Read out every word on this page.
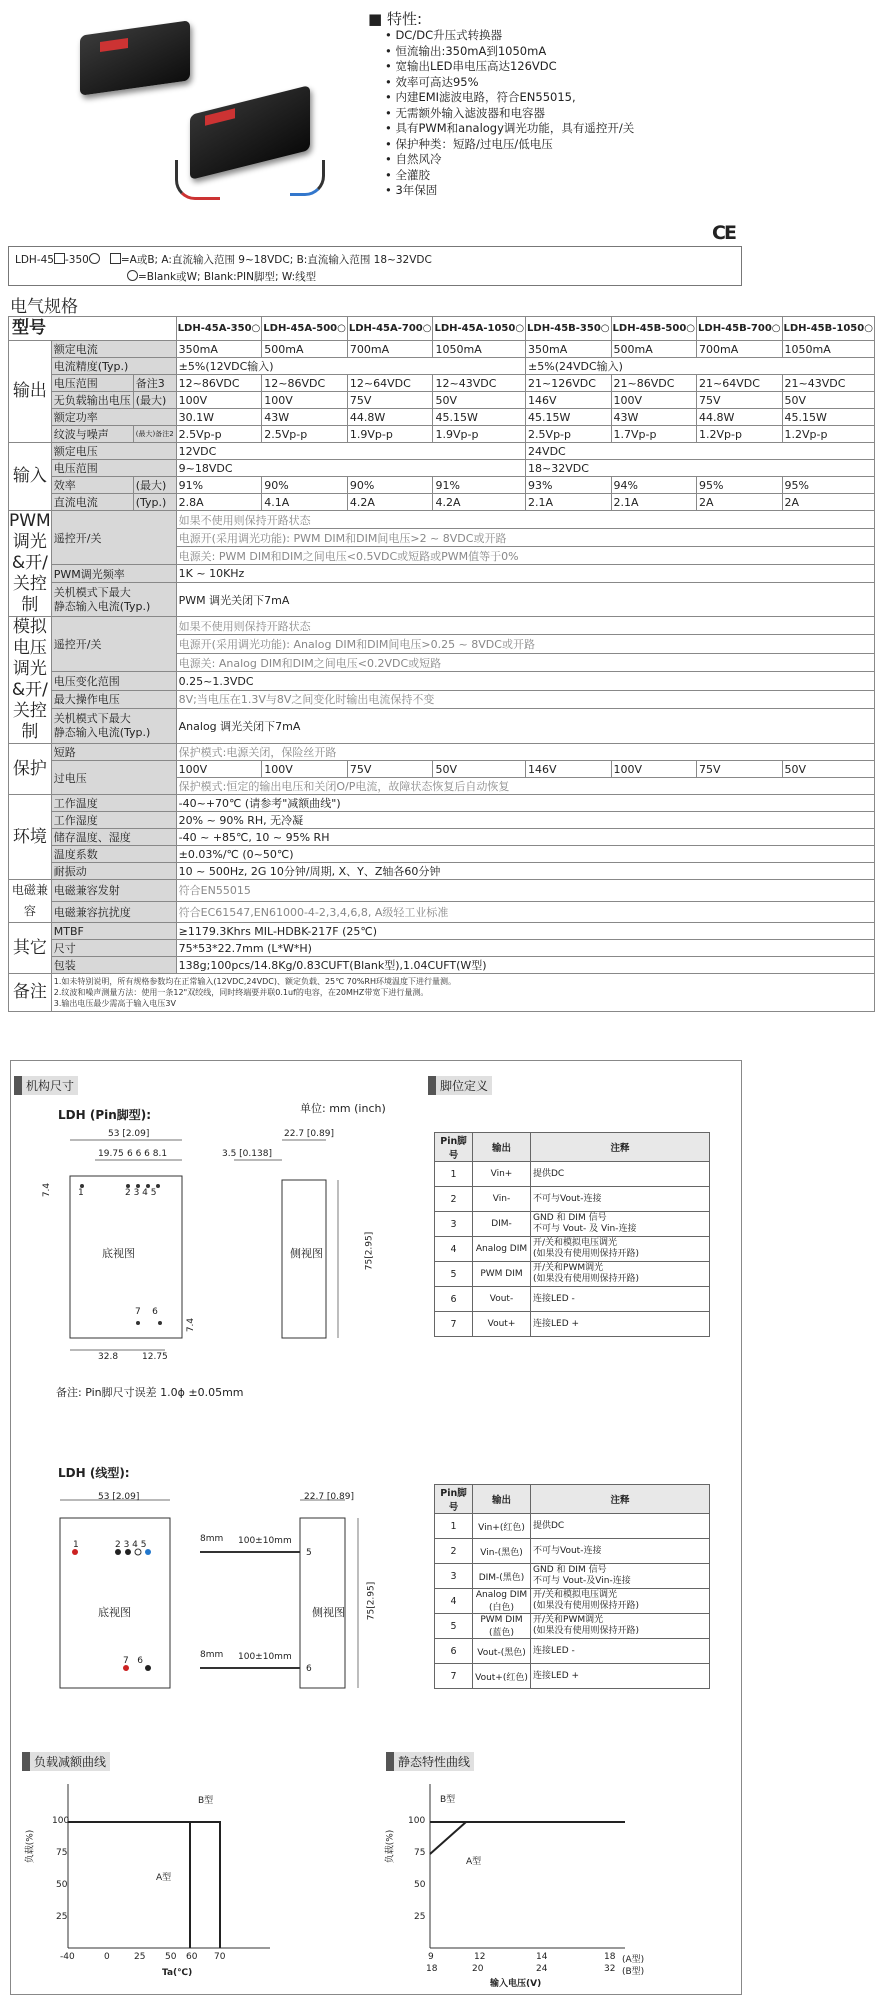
■ 特性:
• DC/DC升压式转换器
• 恒流输出:350mA到1050mA
• 宽输出LED串电压高达126VDC
• 效率可高达95%
• 内建EMI滤波电路，符合EN55015,
• 无需额外输入滤波器和电容器
• 具有PWM和analogy调光功能，具有遥控开/关
• 保护种类：短路/过电压/低电压
• 自然风冷
• 全灌胶
• 3年保固
CE
LDH-45 -350	=A或B; A:直流输入范围 9~18VDC; B:直流输入范围 18~32VDC
=Blank或W; Blank:PIN脚型; W:线型
电气规格
型号			LDH-45A-350○	LDH-45A-500○	LDH-45A-700○	LDH-45A-1050○	LDH-45B-350○	LDH-45B-500○	LDH-45B-700○	LDH-45B-1050○
输出	额定电流		350mA	500mA	700mA	1050mA	350mA	500mA	700mA	1050mA
	电流精度(Typ.)		±5%(12VDC输入)				±5%(24VDC输入)			
	电压范围	备注3	12~86VDC	12~86VDC	12~64VDC	12~43VDC	21~126VDC	21~86VDC	21~64VDC	21~43VDC
	无负载输出电压	(最大)	100V	100V	75V	50V	146V	100V	75V	50V
	额定功率		30.1W	43W	44.8W	45.15W	45.15W	43W	44.8W	45.15W
	纹波与噪声	(最大)备注2	2.5Vp-p	2.5Vp-p	1.9Vp-p	1.9Vp-p	2.5Vp-p	1.7Vp-p	1.2Vp-p	1.2Vp-p
输入	额定电压		12VDC				24VDC			
	电压范围		9~18VDC				18~32VDC			
	效率	(最大)	91%	90%	90%	91%	93%	94%	95%	95%
	直流电流	(Typ.)	2.8A	4.1A	4.2A	4.2A	2.1A	2.1A	2A	2A
PWM调光&开/关控制	遥控开/关		如果不使用则保持开路状态							
			电源开(采用调光功能): PWM DIM和DIM间电压>2 ~ 8VDC或开路							
			电源关: PWM DIM和DIM之间电压<0.5VDC或短路或PWM值等于0%							
	PWM调光频率		1K ~ 10KHz							
	关机模式下最大
静态输入电流(Typ.)		PWM 调光关闭下7mA							
模拟电压调光&开/关控制	遥控开/关		如果不使用则保持开路状态							
			电源开(采用调光功能): Analog DIM和DIM间电压>0.25 ~ 8VDC或开路							
			电源关: Analog DIM和DIM之间电压<0.2VDC或短路							
	电压变化范围		0.25~1.3VDC							
	最大操作电压		8V;当电压在1.3V与8V之间变化时输出电流保持不变							
	关机模式下最大
静态输入电流(Typ.)		Analog 调光关闭下7mA							
保护	短路		保护模式:电源关闭，保险丝开路							
	过电压		100V	100V	75V	50V	146V	100V	75V	50V
			保护模式:恒定的输出电压和关闭O/P电流，故障状态恢复后自动恢复							
环境	工作温度		-40~+70℃ (请参考"减额曲线")							
	工作湿度		20% ~ 90% RH, 无冷凝							
	储存温度、湿度		-40 ~ +85℃, 10 ~ 95% RH							
	温度系数		±0.03%/℃ (0~50℃)							
	耐振动		10 ~ 500Hz, 2G 10分钟/周期, X、Y、Z轴各60分钟							
电磁兼容	电磁兼容发射		符合EN55015							
	电磁兼容抗扰度		符合EC61547,EN61000-4-2,3,4,6,8, A级轻工业标准							
其它	MTBF		≥1179.3Khrs MIL-HDBK-217F (25℃)							
	尺寸		75*53*22.7mm (L*W*H)							
	包装		138g;100pcs/14.8Kg/0.83CUFT(Blank型),1.04CUFT(W型)							
备注	1.如未特别说明，所有规格参数均在正常输入(12VDC,24VDC)、额定负载、25℃ 70%RH环境温度下进行量测。
2.纹波和噪声测量方法：使用一条12"双绞线，同时终端要并联0.1uf的电容，在20MHZ带宽下进行量测。
3.输出电压最少需高于输入电压3V									
机构尺寸	脚位定义
LDH (Pin脚型):	单位: mm (inch)
53 [2.09]
19.75 6 6 6 8.1
22.7 [0.89]
3.5 [0.138]
7.4
75[2.95]
32.8	12.75
7.4
1	2 3 4 5
7    6
底视图	侧视图
备注: Pin脚尺寸误差 1.0ϕ ±0.05mm
Pin脚号	输出	注释
1	Vin+	提供DC
2	Vin-	不可与Vout-连接
3	DIM-	GND 和 DIM 信号
不可与 Vout- 及 Vin-连接
4	Analog DIM	开/关和模拟电压调光
(如果没有使用则保持开路)
5	PWM DIM	开/关和PWM调光
(如果没有使用则保持开路)
6	Vout-	连接LED -
7	Vout+	连接LED +
LDH (线型):
53 [2.09]	22.7 [0.89]
8mm 100±10mm
8mm 100±10mm
75[2.95]
5
6
1	2 3 4 5
7   6
底视图	侧视图
Pin脚号	输出	注释
1	Vin+(红色)	提供DC
2	Vin-(黑色)	不可与Vout-连接
3	DIM-(黑色)	GND 和 DIM 信号
不可与 Vout-及Vin-连接
4	Analog DIM (白色)	开/关和模拟电压调光
(如果没有使用则保持开路)
5	PWM DIM (蓝色)	开/关和PWM调光
(如果没有使用则保持开路)
6	Vout-(黑色)	连接LED -
7	Vout+(红色)	连接LED +
负载减额曲线
100
75
50
25
-40	0	25 50 60 70
负载(%)
Ta(℃)
A型
B型
静态特性曲线
100
75
50
25
9	12	14	18 (A型)
18	20	24	32 (B型)
负载(%)
输入电压(V)
A型
B型
